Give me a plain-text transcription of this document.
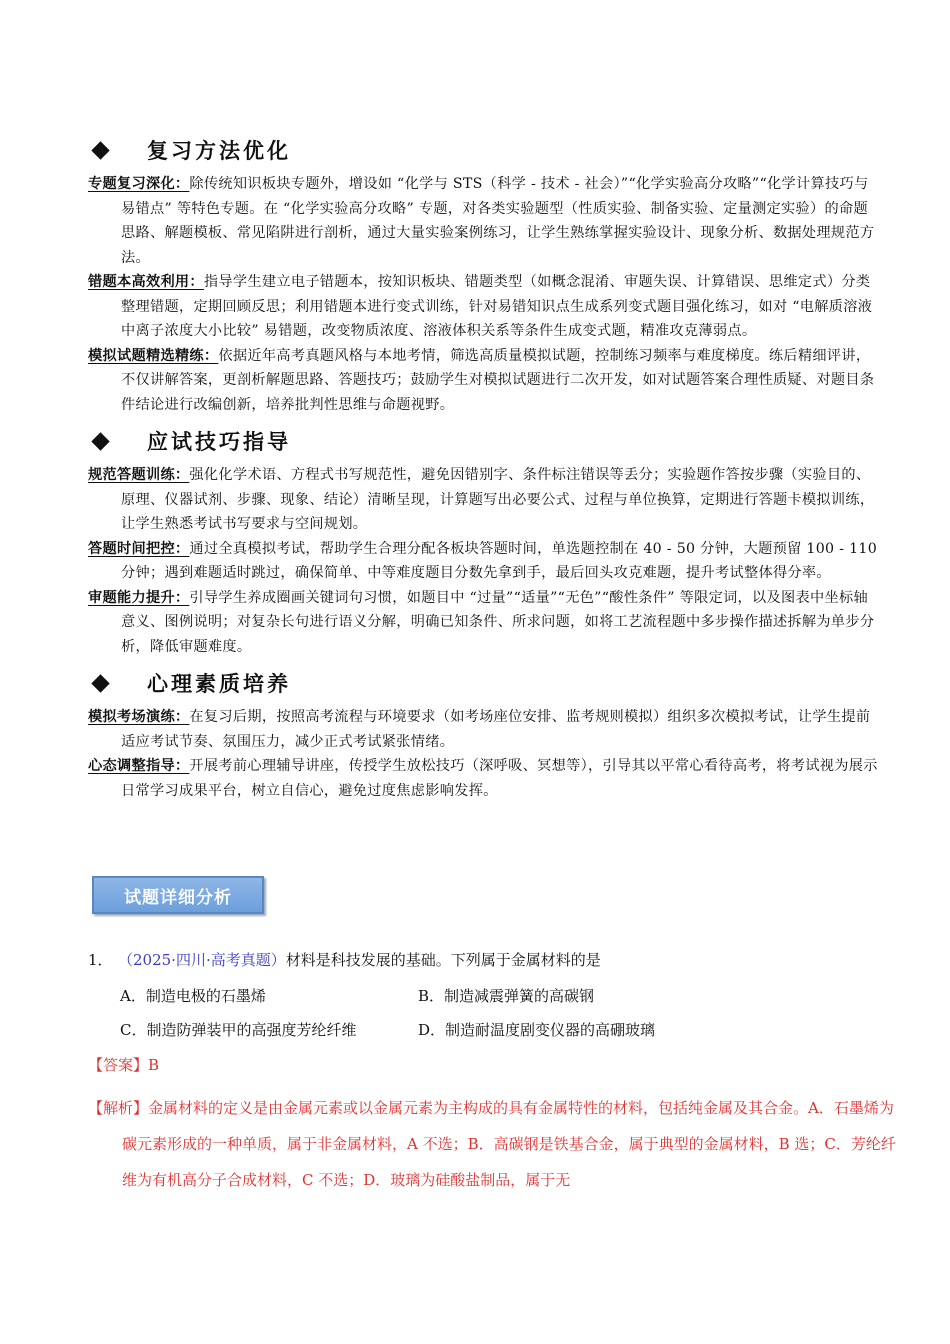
复习方法优化

专题复习深化：除传统知识板块专题外，增设如 “化学与 STS（科学 - 技术 - 社会）”“化学实验高分攻略”“化学计算技巧与易错点” 等特色专题。在 “化学实验高分攻略” 专题，对各类实验题型（性质实验、制备实验、定量测定实验）的命题思路、解题模板、常见陷阱进行剖析，通过大量实验案例练习，让学生熟练掌握实验设计、现象分析、数据处理规范方法。

错题本高效利用：指导学生建立电子错题本，按知识板块、错题类型（如概念混淆、审题失误、计算错误、思维定式）分类整理错题，定期回顾反思；利用错题本进行变式训练，针对易错知识点生成系列变式题目强化练习，如对 “电解质溶液中离子浓度大小比较” 易错题，改变物质浓度、溶液体积关系等条件生成变式题，精准攻克薄弱点。

模拟试题精选精练：依据近年高考真题风格与本地考情，筛选高质量模拟试题，控制练习频率与难度梯度。练后精细评讲，不仅讲解答案，更剖析解题思路、答题技巧；鼓励学生对模拟试题进行二次开发，如对试题答案合理性质疑、对题目条件结论进行改编创新，培养批判性思维与命题视野。

应试技巧指导

规范答题训练：强化化学术语、方程式书写规范性，避免因错别字、条件标注错误等丢分；实验题作答按步骤（实验目的、原理、仪器试剂、步骤、现象、结论）清晰呈现，计算题写出必要公式、过程与单位换算，定期进行答题卡模拟训练，让学生熟悉考试书写要求与空间规划。

答题时间把控：通过全真模拟考试，帮助学生合理分配各板块答题时间，单选题控制在 40 - 50 分钟，大题预留 100 - 110 分钟；遇到难题适时跳过，确保简单、中等难度题目分数先拿到手，最后回头攻克难题，提升考试整体得分率。

审题能力提升：引导学生养成圈画关键词句习惯，如题目中 “过量”“适量”“无色”“酸性条件” 等限定词，以及图表中坐标轴意义、图例说明；对复杂长句进行语义分解，明确已知条件、所求问题，如将工艺流程题中多步操作描述拆解为单步分析，降低审题难度。

心理素质培养

模拟考场演练：在复习后期，按照高考流程与环境要求（如考场座位安排、监考规则模拟）组织多次模拟考试，让学生提前适应考试节奏、氛围压力，减少正式考试紧张情绪。

心态调整指导：开展考前心理辅导讲座，传授学生放松技巧（深呼吸、冥想等），引导其以平常心看待高考，将考试视为展示日常学习成果平台，树立自信心，避免过度焦虑影响发挥。

试题详细分析
1． （2025·四川·高考真题）材料是科技发展的基础。下列属于金属材料的是
A．制造电极的石墨烯	B．制造减震弹簧的高碳钢
C．制造防弹装甲的高强度芳纶纤维	D．制造耐温度剧变仪器的高硼玻璃
【答案】B
【解析】金属材料的定义是由金属元素或以金属元素为主构成的具有金属特性的材料，包括纯金属及其合金。A．石墨烯为碳元素形成的一种单质，属于非金属材料，A 不选；B．高碳钢是铁基合金，属于典型的金属材料，B 选；C．芳纶纤维为有机高分子合成材料，C 不选；D．玻璃为硅酸盐制品，属于无
